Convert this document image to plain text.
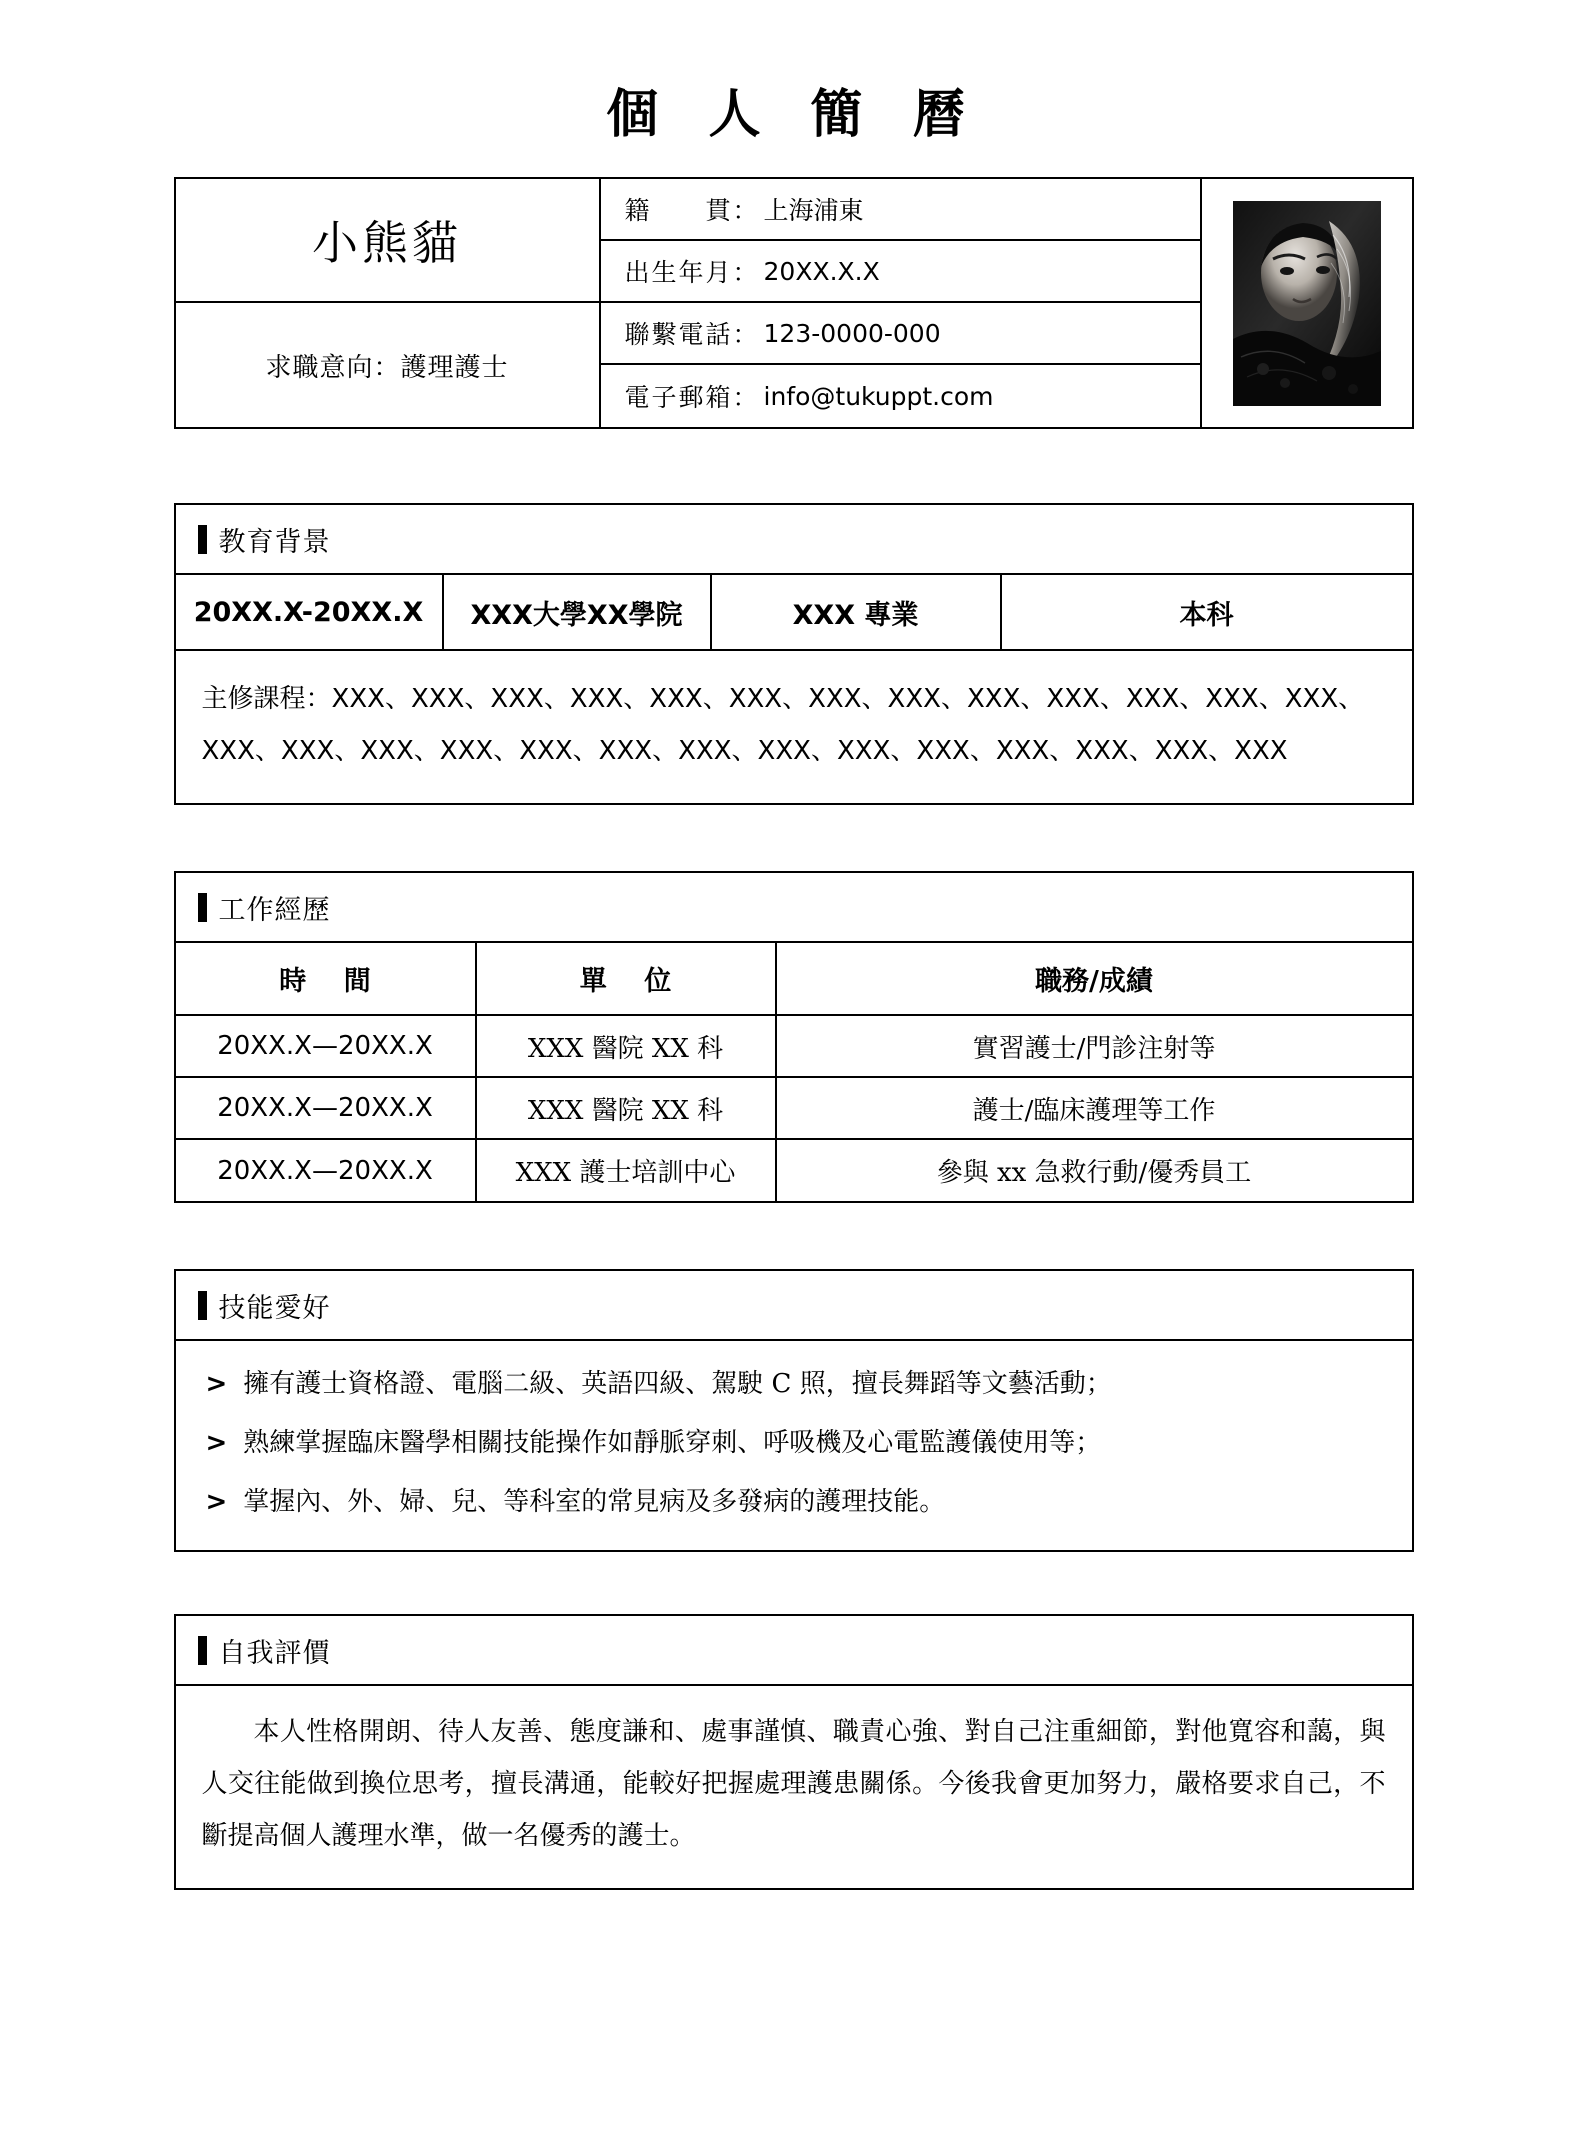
個 人 簡 曆
小熊貓
求職意向：護理護士
籍　　貫： 上海浦東
出生年月： 20XX.X.X
聯繫電話： 123-0000-000
電子郵箱： info@tukuppt.com
教育背景
20XX.X-20XX.X	XXX大學XX學院	XXX 專業	本科
主修課程：XXX、XXX、XXX、XXX、XXX、XXX、XXX、XXX、XXX、XXX、XXX、XXX、XXX、XXX、XXX、XXX、XXX、XXX、XXX、XXX、XXX、XXX、XXX、XXX、XXX、XXX、XXX
工作經歷
時 間	單 位	職務/成績
20XX.X—20XX.X	XXX 醫院 XX 科	實習護士/門診注射等
20XX.X—20XX.X	XXX 醫院 XX 科	護士/臨床護理等工作
20XX.X—20XX.X	XXX 護士培訓中心	參與 xx 急救行動/優秀員工
技能愛好
> 擁有護士資格證、電腦二級、英語四級、駕駛 C 照，擅長舞蹈等文藝活動；
> 熟練掌握臨床醫學相關技能操作如靜脈穿刺、呼吸機及心電監護儀使用等；
> 掌握內、外、婦、兒、等科室的常見病及多發病的護理技能。
自我評價
本人性格開朗、待人友善、態度謙和、處事謹慎、職責心強、對自己注重細節，對他寬容和藹，與人交往能做到換位思考，擅長溝通，能較好把握處理護患關係。今後我會更加努力，嚴格要求自己，不斷提高個人護理水準，做一名優秀的護士。
